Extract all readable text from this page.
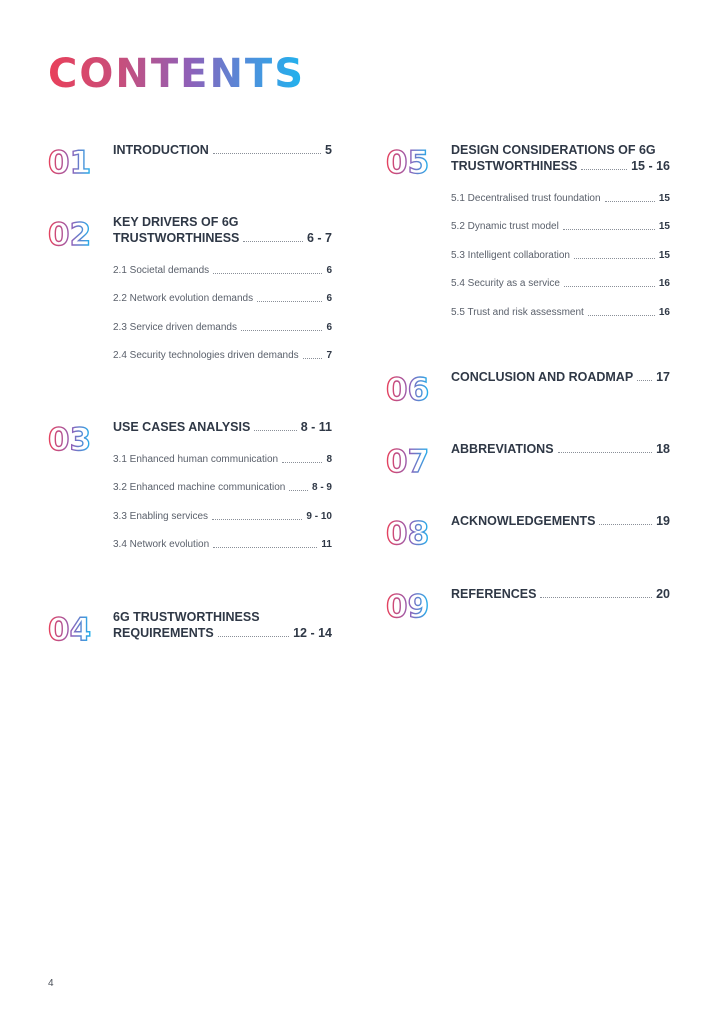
CONTENTS
01 INTRODUCTION	5
02 KEY DRIVERS OF 6G
TRUSTWORTHINESS	6 - 7
2.1 Societal demands	6
2.2 Network evolution demands	6
2.3 Service driven demands	6
2.4 Security technologies driven demands	7
03 USE CASES ANALYSIS	8 - 11
3.1 Enhanced human communication	8
3.2 Enhanced machine communication	8 - 9
3.3 Enabling services	9 - 10
3.4 Network evolution	11
04 6G TRUSTWORTHINESS
REQUIREMENTS	12 - 14
05 DESIGN CONSIDERATIONS OF 6G
TRUSTWORTHINESS	15 - 16
5.1 Decentralised trust foundation	15
5.2 Dynamic trust model	15
5.3 Intelligent collaboration	15
5.4 Security as a service	16
5.5 Trust and risk assessment	16
06 CONCLUSION AND ROADMAP 17
07 ABBREVIATIONS	18
08 ACKNOWLEDGEMENTS	19
09 REFERENCES	20
4
